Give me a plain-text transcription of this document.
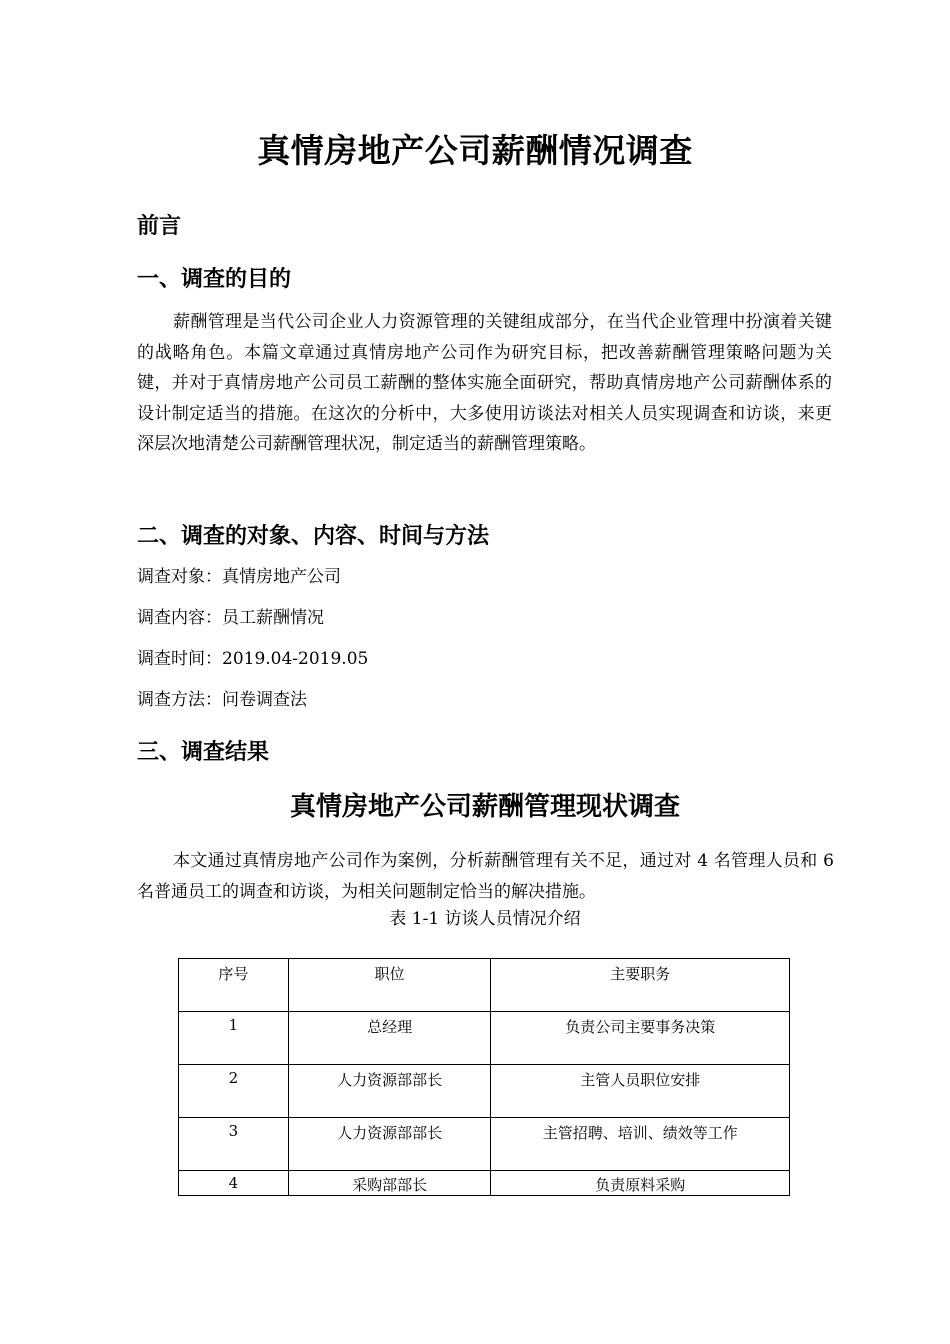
真情房地产公司薪酬情况调查
前言
一、调查的目的

薪酬管理是当代公司企业人力资源管理的关键组成部分，在当代企业管理中扮演着关键的战略角色。本篇文章通过真情房地产公司作为研究目标，把改善薪酬管理策略问题为关键，并对于真情房地产公司员工薪酬的整体实施全面研究，帮助真情房地产公司薪酬体系的设计制定适当的措施。在这次的分析中，大多使用访谈法对相关人员实现调查和访谈，来更深层次地清楚公司薪酬管理状况，制定适当的薪酬管理策略。

二、调查的对象、内容、时间与方法
调查对象：真情房地产公司
调查内容：员工薪酬情况
调查时间：2019.04-2019.05
调查方法：问卷调查法
三、调查结果
真情房地产公司薪酬管理现状调查

本文通过真情房地产公司作为案例，分析薪酬管理有关不足，通过对 4 名管理人员和 6 名普通员工的调查和访谈，为相关问题制定恰当的解决措施。

表 1-1 访谈人员情况介绍
序号	职位	主要职务
1	总经理	负责公司主要事务决策
2	人力资源部部长	主管人员职位安排
3	人力资源部部长	主管招聘、培训、绩效等工作
4	采购部部长	负责原料采购
